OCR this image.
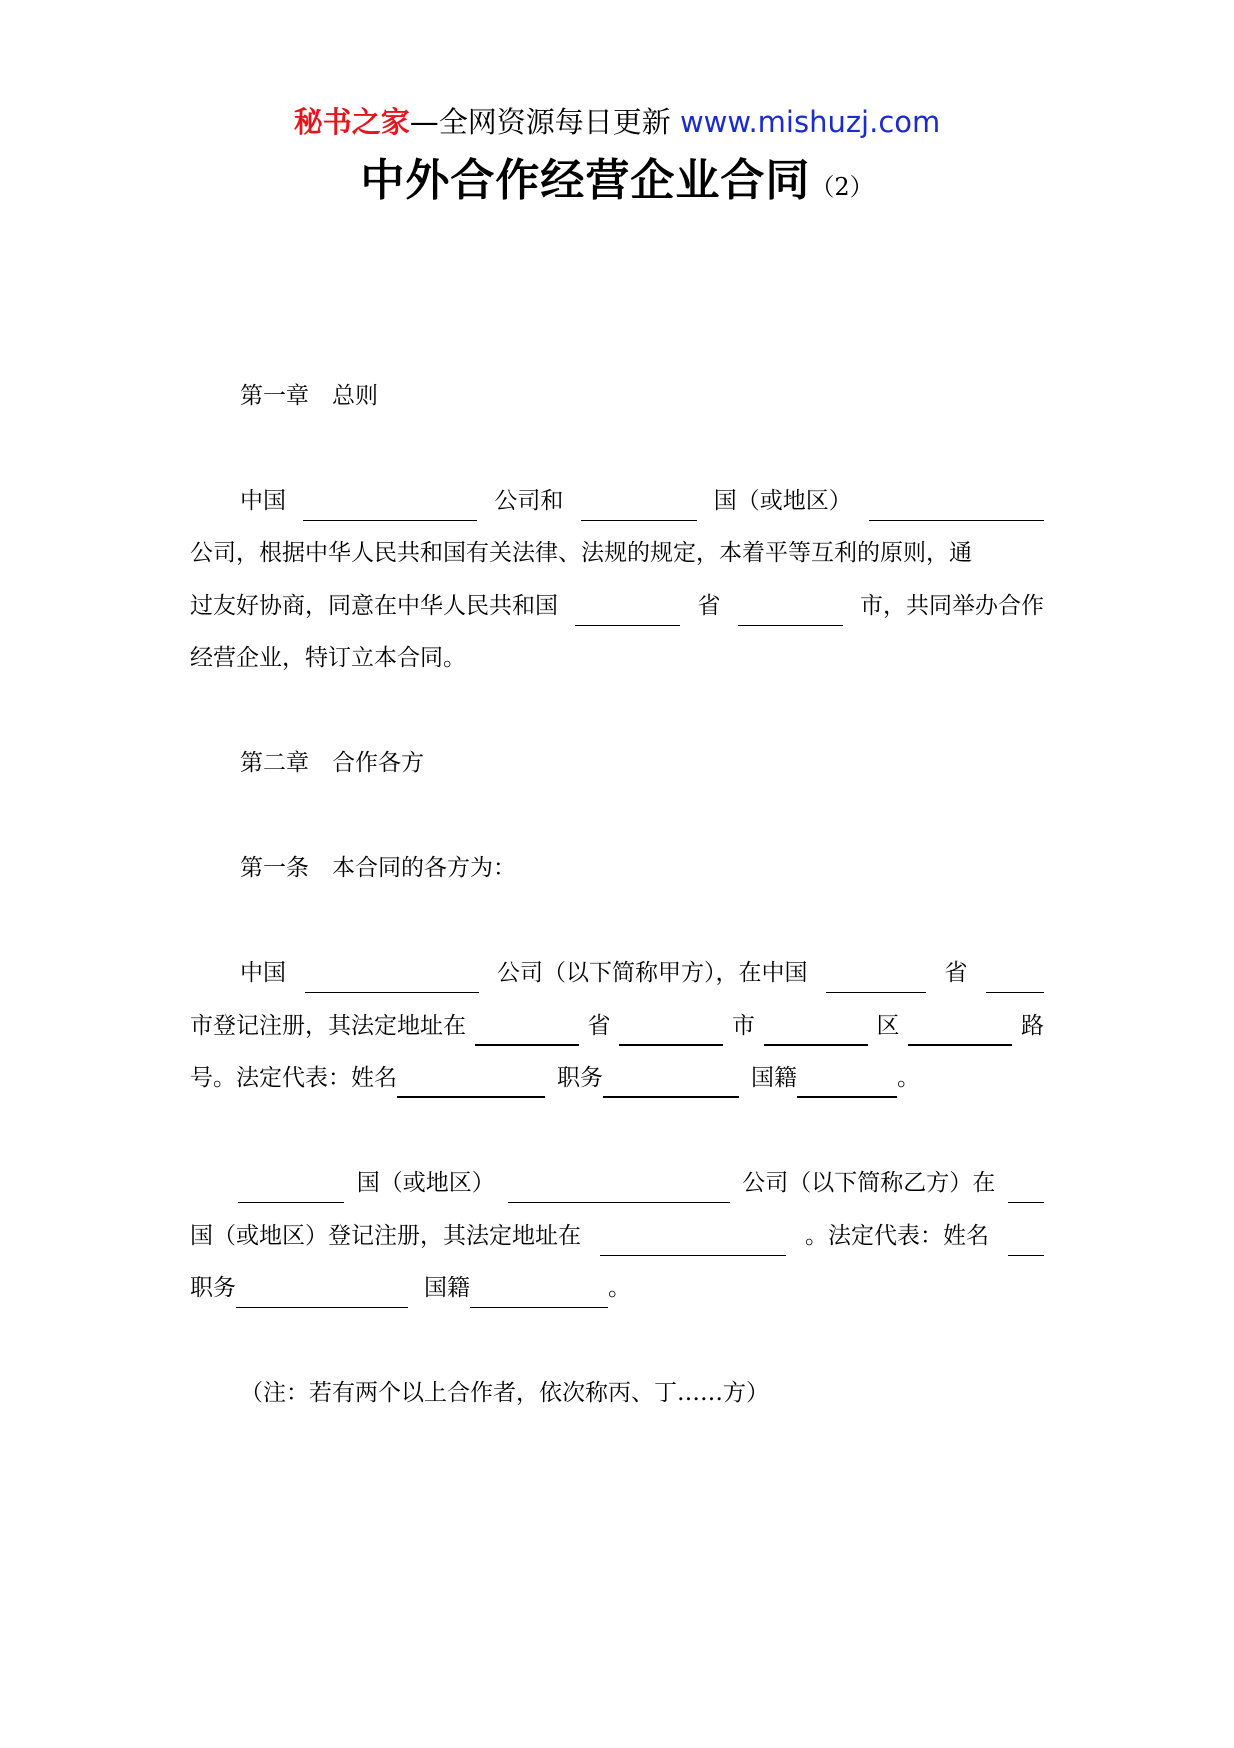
秘书之家—全网资源每日更新 www.mishuzj.com
中外合作经营企业合同（2）
第一章　总则
中国	公司和	国（或地区）
公司，根据中华人民共和国有关法律、法规的规定，本着平等互利的原则，通
过友好协商，同意在中华人民共和国	省	市，共同举办合作
经营企业，特订立本合同。
第二章　合作各方
第一条　本合同的各方为：
中国	公司（以下简称甲方），在中国	省
市登记注册，其法定地址在	省	市	区	路
号。法定代表：姓名	职务	国籍	。
国（或地区）	公司（以下简称乙方）在
国（或地区）登记注册，其法定地址在	。法定代表：姓名
职务	国籍	。
（注：若有两个以上合作者，依次称丙、丁……方）
